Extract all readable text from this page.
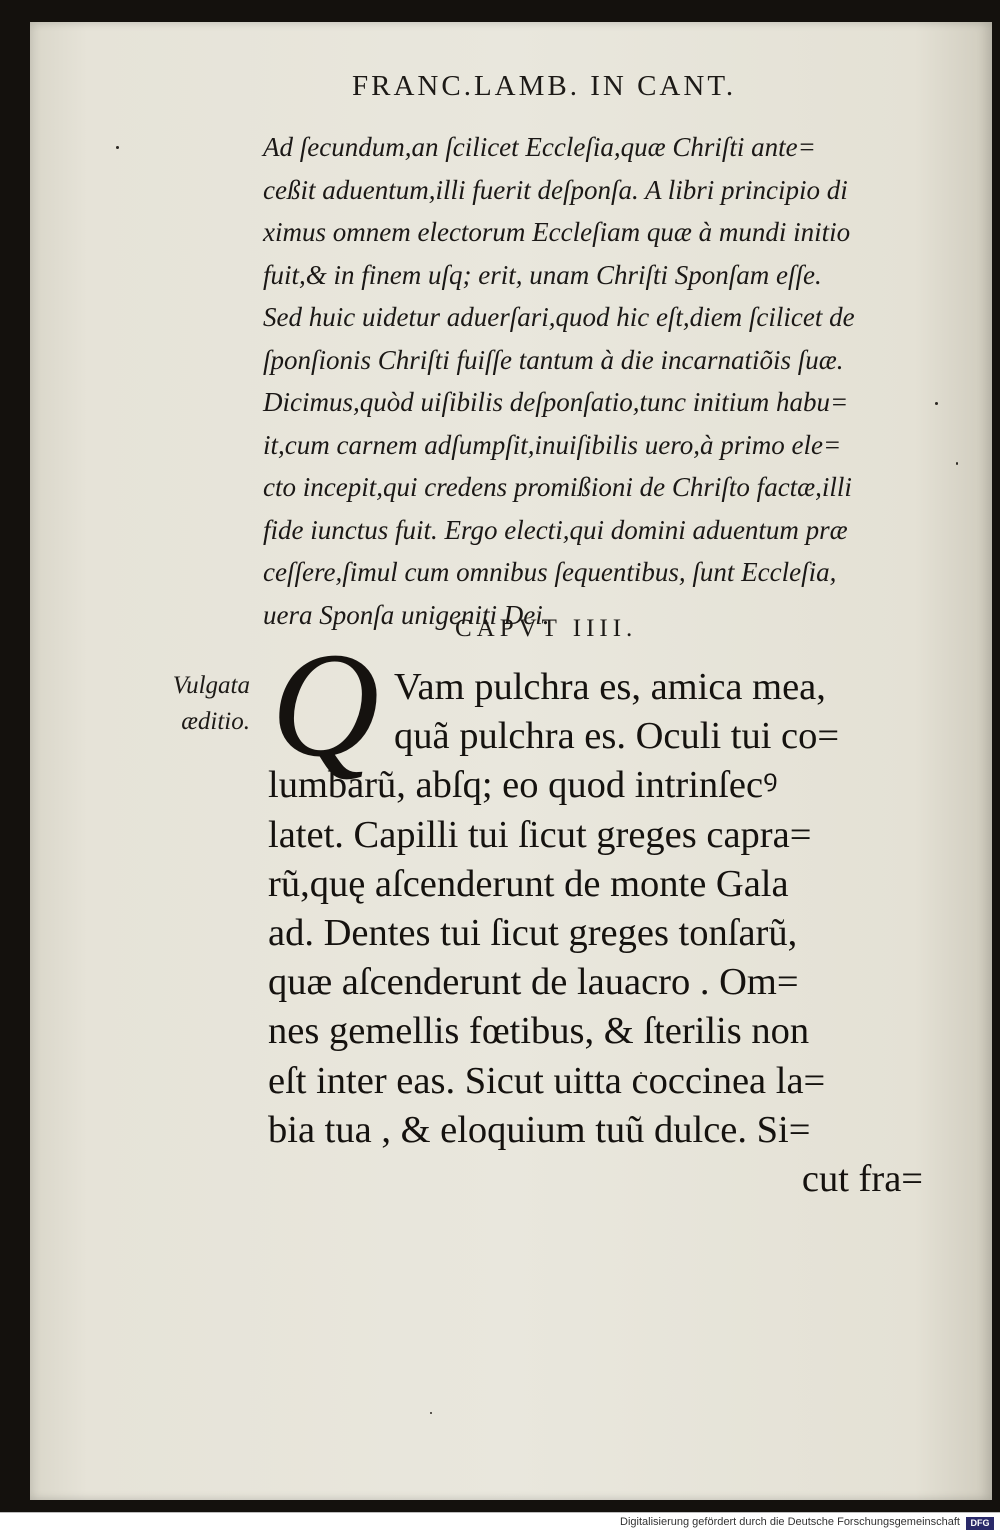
FRANC.LAMB. IN CANT.
Ad ſecundum,an ſcilicet Eccleſia,quæ Chriſti ante=
ceßit aduentum,illi fuerit deſponſa. A libri principio di
ximus omnem electorum Eccleſiam quæ à mundi initio
fuit,& in finem uſq; erit, unam Chriſti Sponſam eſſe.
Sed huic uidetur aduerſari,quod hic eſt,diem ſcilicet de
ſponſionis Chriſti fuiſſe tantum à die incarnatiõis ſuæ.
Dicimus,quòd uiſibilis deſponſatio,tunc initium habu=
it,cum carnem adſumpſit,inuiſibilis uero,à primo ele=
cto incepit,qui credens promißioni de Chriſto factæ,illi
fide iunctus fuit. Ergo electi,qui domini aduentum præ
ceſſere,ſimul cum omnibus ſequentibus, ſunt Eccleſia,
uera Sponſa unigeniti Dei.
CAPVT IIII.
Vulgata
æditio. Q Vam pulchra es, amica mea,
quã pulchra es. Oculi tui co=
lumbarũ, abſq; eo quod intrinſecꝰ
latet. Capilli tui ſicut greges capra=
rũ,quę aſcenderunt de monte Gala
ad. Dentes tui ſicut greges tonſarũ,
quæ aſcenderunt de lauacro . Om=
nes gemellis fœtibus, & ſterilis non
eſt inter eas. Sicut uitta coccinea la=
bia tua , & eloquium tuũ dulce. Si=
cut fra=
Digitalisierung gefördert durch die Deutsche Forschungsgemeinschaft	DFG
